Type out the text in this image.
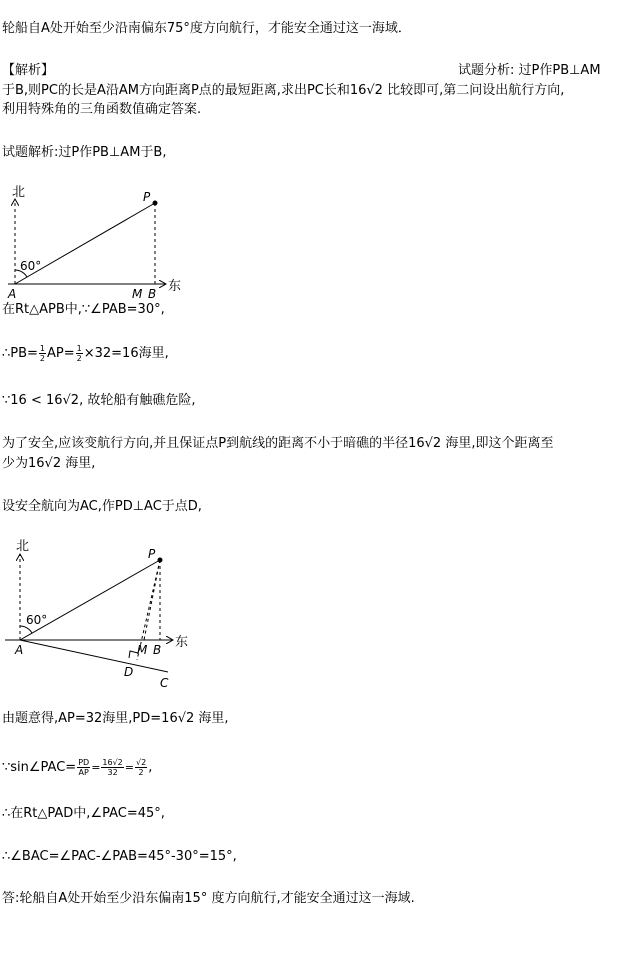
轮船自A处开始至少沿南偏东75°度方向航行，才能安全通过这一海域．
【解析】	试题分析: 过P作PB⊥AM
于B,则PC的长是A沿AM方向距离P点的最短距离,求出PC长和16√2 比较即可,第二问设出航行方向,
利用特殊角的三角函数值确定答案.
试题解析:过P作PB⊥AM于B,
北
东
60°
A	M B
P
在Rt△APB中,∵∠PAB=30°,
∴PB= $\frac{1}{2} AP= \frac{1}{2} \times 32=16$海里,
∵16 < 16√2, 故轮船有触礁危险,
为了安全,应该变航行方向,并且保证点P到航线的距离不小于暗礁的半径16√2 海里,即这个距离至
少为16√2 海里,
设安全航向为AC,作PD⊥AC于点D,
北
东
60°
A	M B
P
D
C
由题意得,AP=32海里,PD=16√2 海里,
∵sin∠PAC= $\frac{PD}{AP} = \frac{16√2}{32} = \frac{√2}{2}$ ,
∴在Rt△PAD中,∠PAC=45°,
∴∠BAC=∠PAC-∠PAB=45°-30°=15°,
答:轮船自A处开始至少沿东偏南15° 度方向航行,才能安全通过这一海域.
